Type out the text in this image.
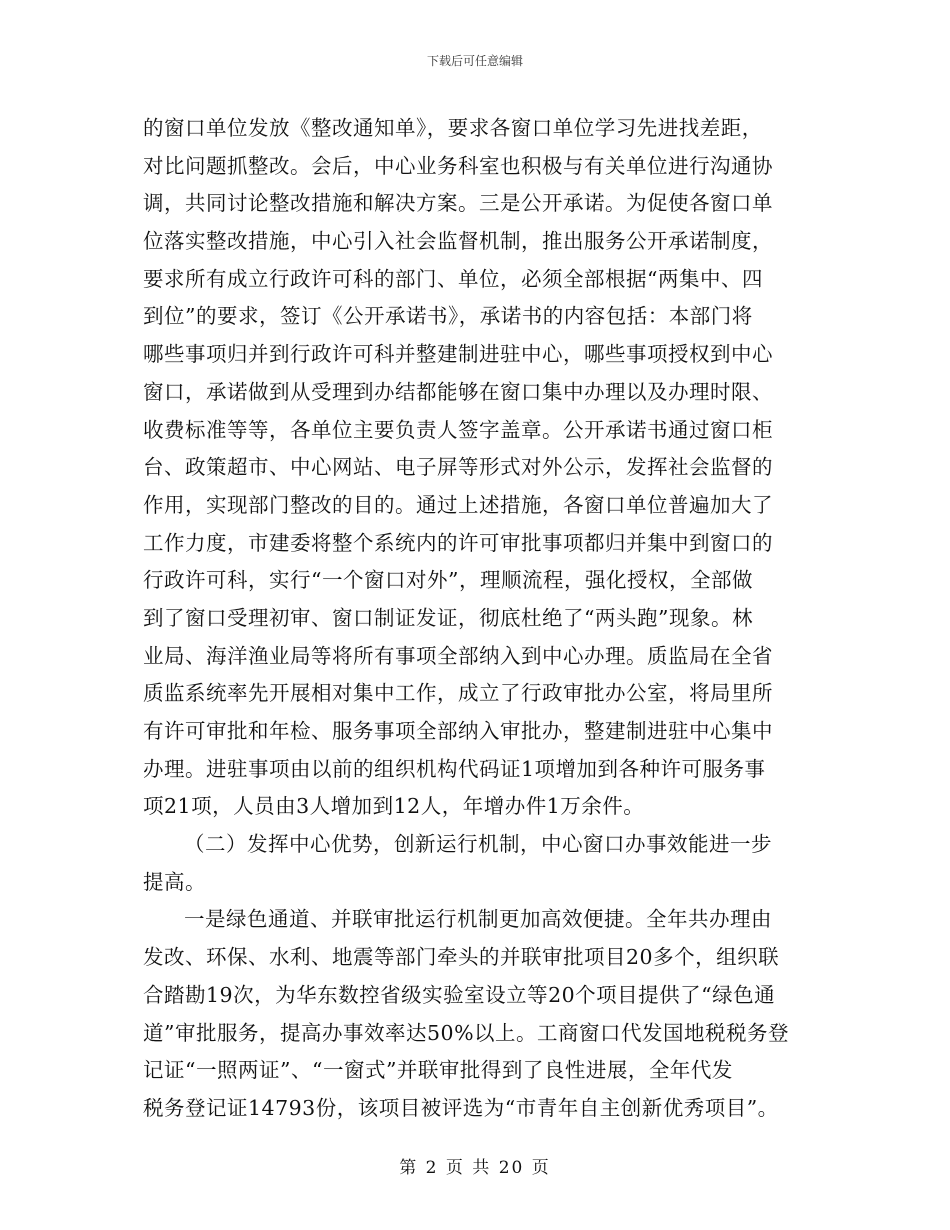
下载后可任意编辑
的窗口单位发放《整改通知单》，要求各窗口单位学习先进找差距，
对比问题抓整改。会后，中心业务科室也积极与有关单位进行沟通协
调，共同讨论整改措施和解决方案。三是公开承诺。为促使各窗口单
位落实整改措施，中心引入社会监督机制，推出服务公开承诺制度，
要求所有成立行政许可科的部门、单位，必须全部根据“两集中、四
到位”的要求，签订《公开承诺书》，承诺书的内容包括：本部门将
哪些事项归并到行政许可科并整建制进驻中心，哪些事项授权到中心
窗口，承诺做到从受理到办结都能够在窗口集中办理以及办理时限、
收费标准等等，各单位主要负责人签字盖章。公开承诺书通过窗口柜
台、政策超市、中心网站、电子屏等形式对外公示，发挥社会监督的
作用，实现部门整改的目的。通过上述措施，各窗口单位普遍加大了
工作力度，市建委将整个系统内的许可审批事项都归并集中到窗口的
行政许可科，实行“一个窗口对外”，理顺流程，强化授权，全部做
到了窗口受理初审、窗口制证发证，彻底杜绝了“两头跑”现象。林
业局、海洋渔业局等将所有事项全部纳入到中心办理。质监局在全省
质监系统率先开展相对集中工作，成立了行政审批办公室，将局里所
有许可审批和年检、服务事项全部纳入审批办，整建制进驻中心集中
办理。进驻事项由以前的组织机构代码证1项增加到各种许可服务事
项21项，人员由3人增加到12人，年增办件1万余件。
（二）发挥中心优势，创新运行机制，中心窗口办事效能进一步
提高。
一是绿色通道、并联审批运行机制更加高效便捷。全年共办理由
发改、环保、水利、地震等部门牵头的并联审批项目20多个，组织联
合踏勘19次，为华东数控省级实验室设立等20个项目提供了“绿色通
道”审批服务，提高办事效率达50%以上。工商窗口代发国地税税务登
记证“一照两证”、“一窗式”并联审批得到了良性进展，全年代发
税务登记证14793份，该项目被评选为“市青年自主创新优秀项目”。
第 2 页 共 20 页
